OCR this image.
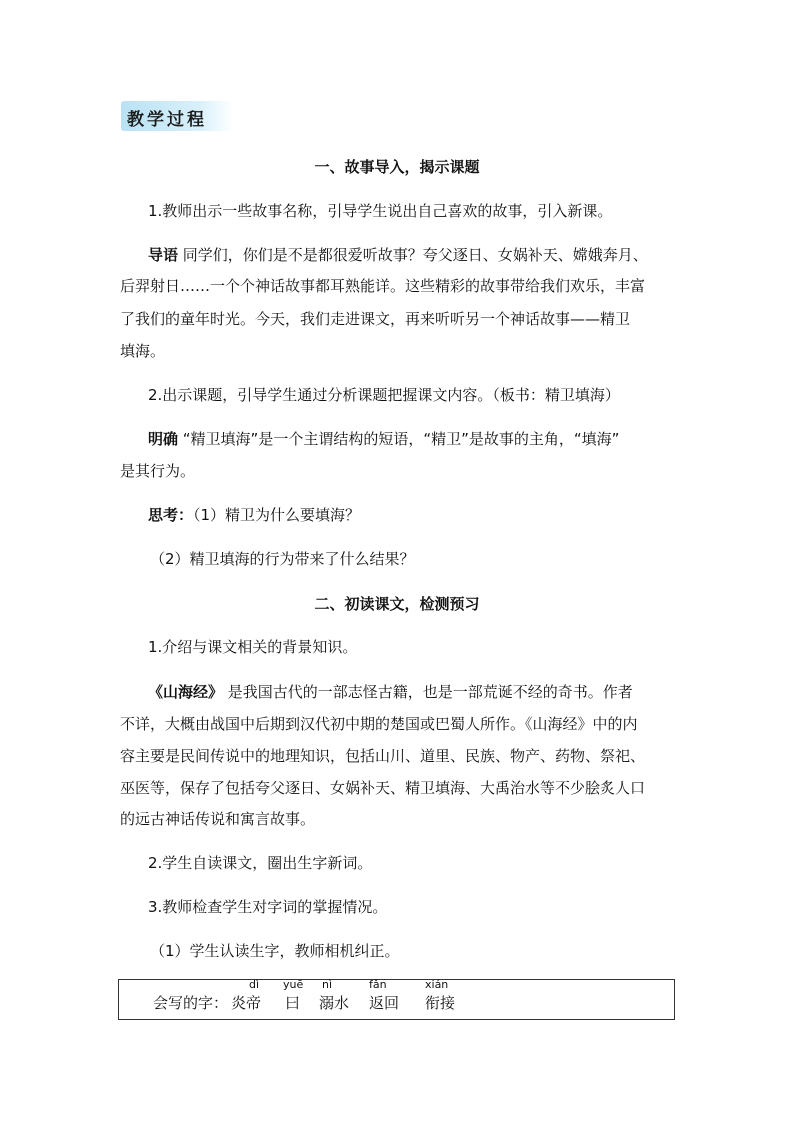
教学过程
一、故事导入，揭示课题
1.教师出示一些故事名称，引导学生说出自己喜欢的故事，引入新课。
导语 同学们，你们是不是都很爱听故事？夸父逐日、女娲补天、嫦娥奔月、
后羿射日……一个个神话故事都耳熟能详。这些精彩的故事带给我们欢乐，丰富
了我们的童年时光。今天，我们走进课文，再来听听另一个神话故事——精卫
填海。
2.出示课题，引导学生通过分析课题把握课文内容。（板书：精卫填海）
明确 “精卫填海”是一个主谓结构的短语，“精卫”是故事的主角，“填海”
是其行为。
思考：（1）精卫为什么要填海？
（2）精卫填海的行为带来了什么结果？
二、初读课文，检测预习
1.介绍与课文相关的背景知识。
《山海经》 是我国古代的一部志怪古籍，也是一部荒诞不经的奇书。作者
不详，大概由战国中后期到汉代初中期的楚国或巴蜀人所作。《山海经》中的内
容主要是民间传说中的地理知识，包括山川、道里、民族、物产、药物、祭祀、
巫医等，保存了包括夸父逐日、女娲补天、精卫填海、大禹治水等不少脍炙人口
的远古神话传说和寓言故事。
2.学生自读课文，圈出生字新词。
3.教师检查学生对字词的掌握情况。
（1）学生认读生字，教师相机纠正。
会写的字：
dì
炎帝
yuē
曰
nì
溺水
fǎn
返回
xián
衔接
